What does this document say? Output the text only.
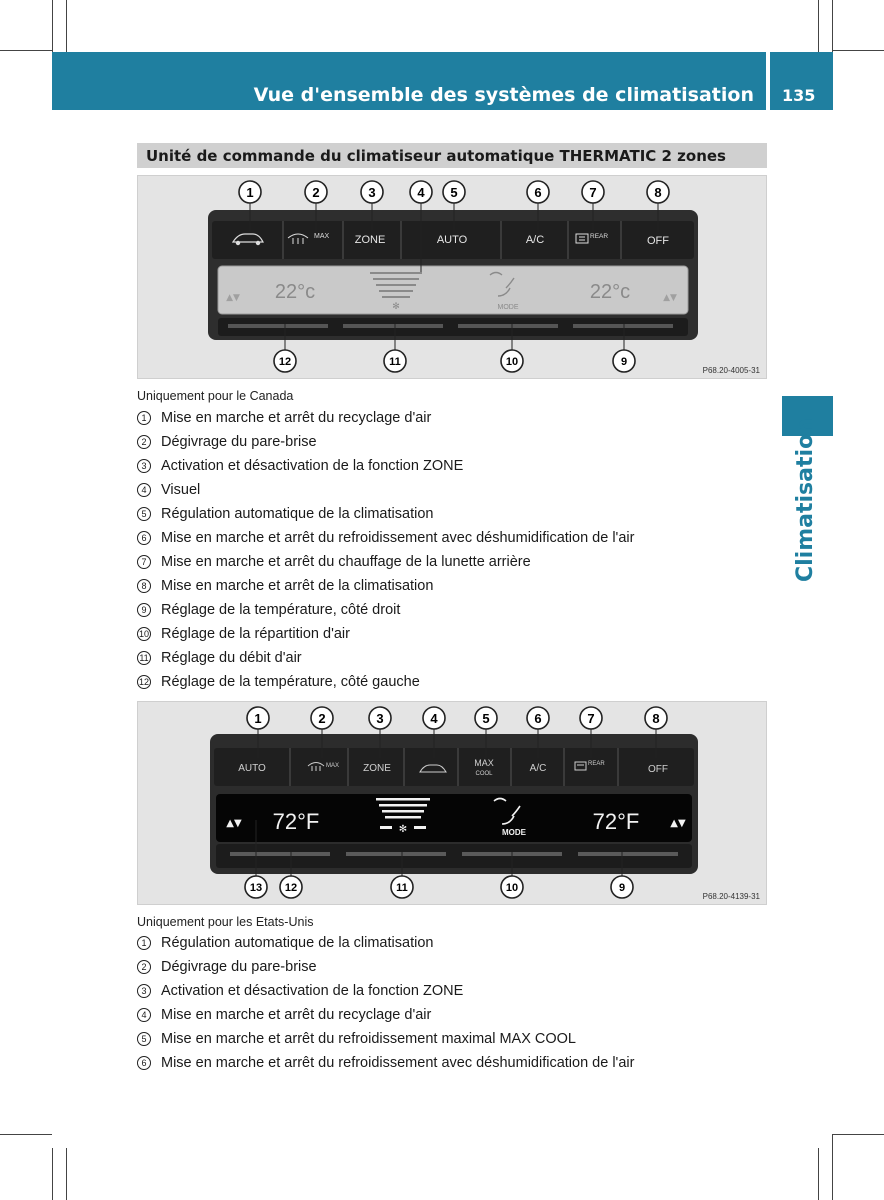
Vue d'ensemble des systèmes de climatisation 135
Climatisation
Unité de commande du climatiseur automatique THERMATIC 2 zones
MAX ZONE	AUTO	A/C	REAR	OFF
22°c	22°c
✻	MODE
▲▼	▲▼
1	2	3	4 5	6	7	8
12	11	10	9
P68.20-4005-31
Uniquement pour le Canada
1	Mise en marche et arrêt du recyclage d'air
2	Dégivrage du pare-brise
3	Activation et désactivation de la fonction ZONE
4	Visuel
5	Régulation automatique de la climatisation
6	Mise en marche et arrêt du refroidissement avec déshumidification de l'air
7	Mise en marche et arrêt du chauffage de la lunette arrière
8	Mise en marche et arrêt de la climatisation
9	Réglage de la température, côté droit
10 Réglage de la répartition d'air
11 Réglage du débit d'air
12 Réglage de la température, côté gauche
AUTO	MAX ZONE	MAX
COOL	A/C	REAR	OFF
72°F	72°F
✻	MODE
▲▼	▲▼
1	2	3	4	5	6	7	8
13 12	11	10	9
P68.20-4139-31
Uniquement pour les Etats-Unis
1	Régulation automatique de la climatisation
2	Dégivrage du pare-brise
3	Activation et désactivation de la fonction ZONE
4	Mise en marche et arrêt du recyclage d'air
5	Mise en marche et arrêt du refroidissement maximal MAX COOL
6	Mise en marche et arrêt du refroidissement avec déshumidification de l'air
